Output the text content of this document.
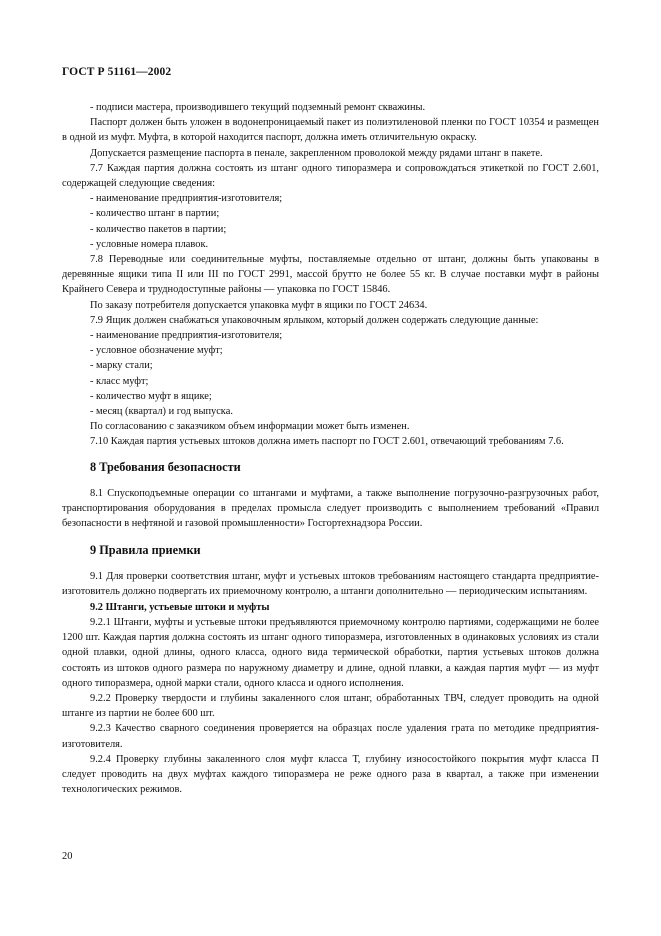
ГОСТ Р 51161—2002
- подписи мастера, производившего текущий подземный ремонт скважины.
Паспорт должен быть уложен в водонепроницаемый пакет из полиэтиленовой пленки по ГОСТ 10354 и размещен в одной из муфт. Муфта, в которой находится паспорт, должна иметь отличительную окраску.
Допускается размещение паспорта в пенале, закрепленном проволокой между рядами штанг в пакете.
7.7 Каждая партия должна состоять из штанг одного типоразмера и сопровождаться этикеткой по ГОСТ 2.601, содержащей следующие сведения:
- наименование предприятия-изготовителя;
- количество штанг в партии;
- количество пакетов в партии;
- условные номера плавок.
7.8 Переводные или соединительные муфты, поставляемые отдельно от штанг, должны быть упакованы в деревянные ящики типа II или III по ГОСТ 2991, массой брутто не более 55 кг. В случае поставки муфт в районы Крайнего Севера и труднодоступные районы — упаковка по ГОСТ 15846.
По заказу потребителя допускается упаковка муфт в ящики по ГОСТ 24634.
7.9 Ящик должен снабжаться упаковочным ярлыком, который должен содержать следующие данные:
- наименование предприятия-изготовителя;
- условное обозначение муфт;
- марку стали;
- класс муфт;
- количество муфт в ящике;
- месяц (квартал) и год выпуска.
По согласованию с заказчиком объем информации может быть изменен.
7.10 Каждая партия устьевых штоков должна иметь паспорт по ГОСТ 2.601, отвечающий требованиям 7.6.
8 Требования безопасности
8.1 Спускоподъемные операции со штангами и муфтами, а также выполнение погрузочно-разгрузочных работ, транспортирования оборудования в пределах промысла следует производить с выполнением требований «Правил безопасности в нефтяной и газовой промышленности» Госгортехнадзора России.
9 Правила приемки
9.1 Для проверки соответствия штанг, муфт и устьевых штоков требованиям настоящего стандарта предприятие-изготовитель должно подвергать их приемочному контролю, а штанги дополнительно — периодическим испытаниям.
9.2 Штанги, устьевые штоки и муфты
9.2.1 Штанги, муфты и устьевые штоки предъявляются приемочному контролю партиями, содержащими не более 1200 шт. Каждая партия должна состоять из штанг одного типоразмера, изготовленных в одинаковых условиях из стали одной плавки, одной длины, одного класса, одного вида термической обработки, партия устьевых штоков должна состоять из штоков одного размера по наружному диаметру и длине, одной плавки, а каждая партия муфт — из муфт одного типоразмера, одной марки стали, одного класса и одного исполнения.
9.2.2 Проверку твердости и глубины закаленного слоя штанг, обработанных ТВЧ, следует проводить на одной штанге из партии не более 600 шт.
9.2.3 Качество сварного соединения проверяется на образцах после удаления грата по методике предприятия-изготовителя.
9.2.4 Проверку глубины закаленного слоя муфт класса Т, глубину износостойкого покрытия муфт класса П следует проводить на двух муфтах каждого типоразмера не реже одного раза в квартал, а также при изменении технологических режимов.
20
